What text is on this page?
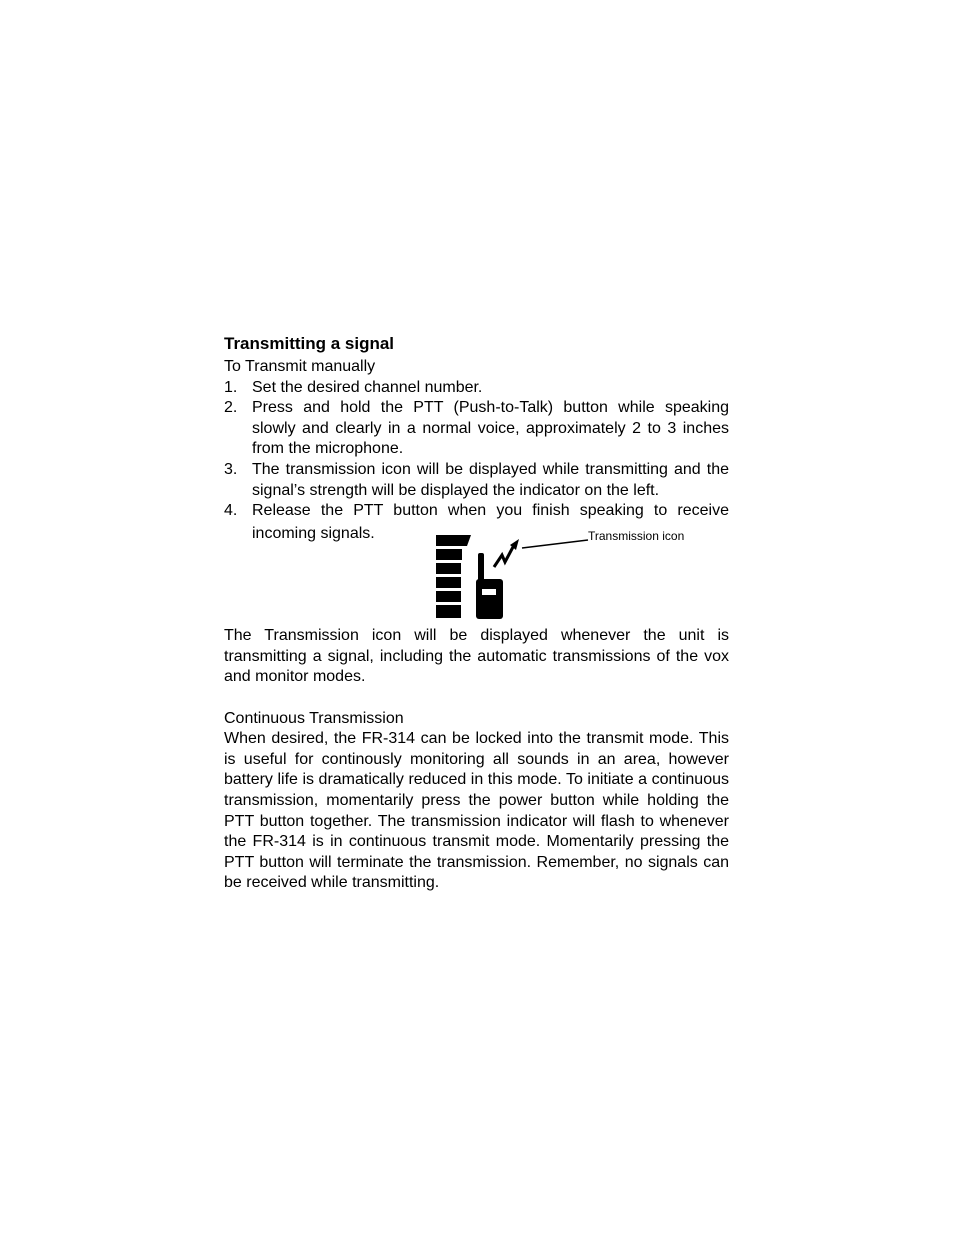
Transmitting a signal

To Transmit manually

1. Set the desired channel number.
2. Press and hold the PTT (Push-to-Talk) button while speaking slowly and clearly in a normal voice, approximately 2 to 3 inches from the microphone.
3. The transmission icon will be displayed while transmitting and the signal’s strength will be displayed the indicator on the left.
4. Release the PTT button when you finish speaking to receive
incoming signals.

The Transmission icon will be displayed whenever the unit is transmitting a signal, including the automatic transmissions of the vox and monitor modes.

Continuous Transmission

When desired, the FR-314 can be locked into the transmit mode. This is useful for continously monitoring all sounds in an area, however battery life is dramatically reduced in this mode. To initiate a continuous transmission, momentarily press the power button while holding the PTT button together. The transmission indicator will flash to whenever the FR-314 is in continuous transmit mode. Momentarily pressing the PTT button will terminate the transmission. Remember, no signals can be received while transmitting.

Transmission icon
